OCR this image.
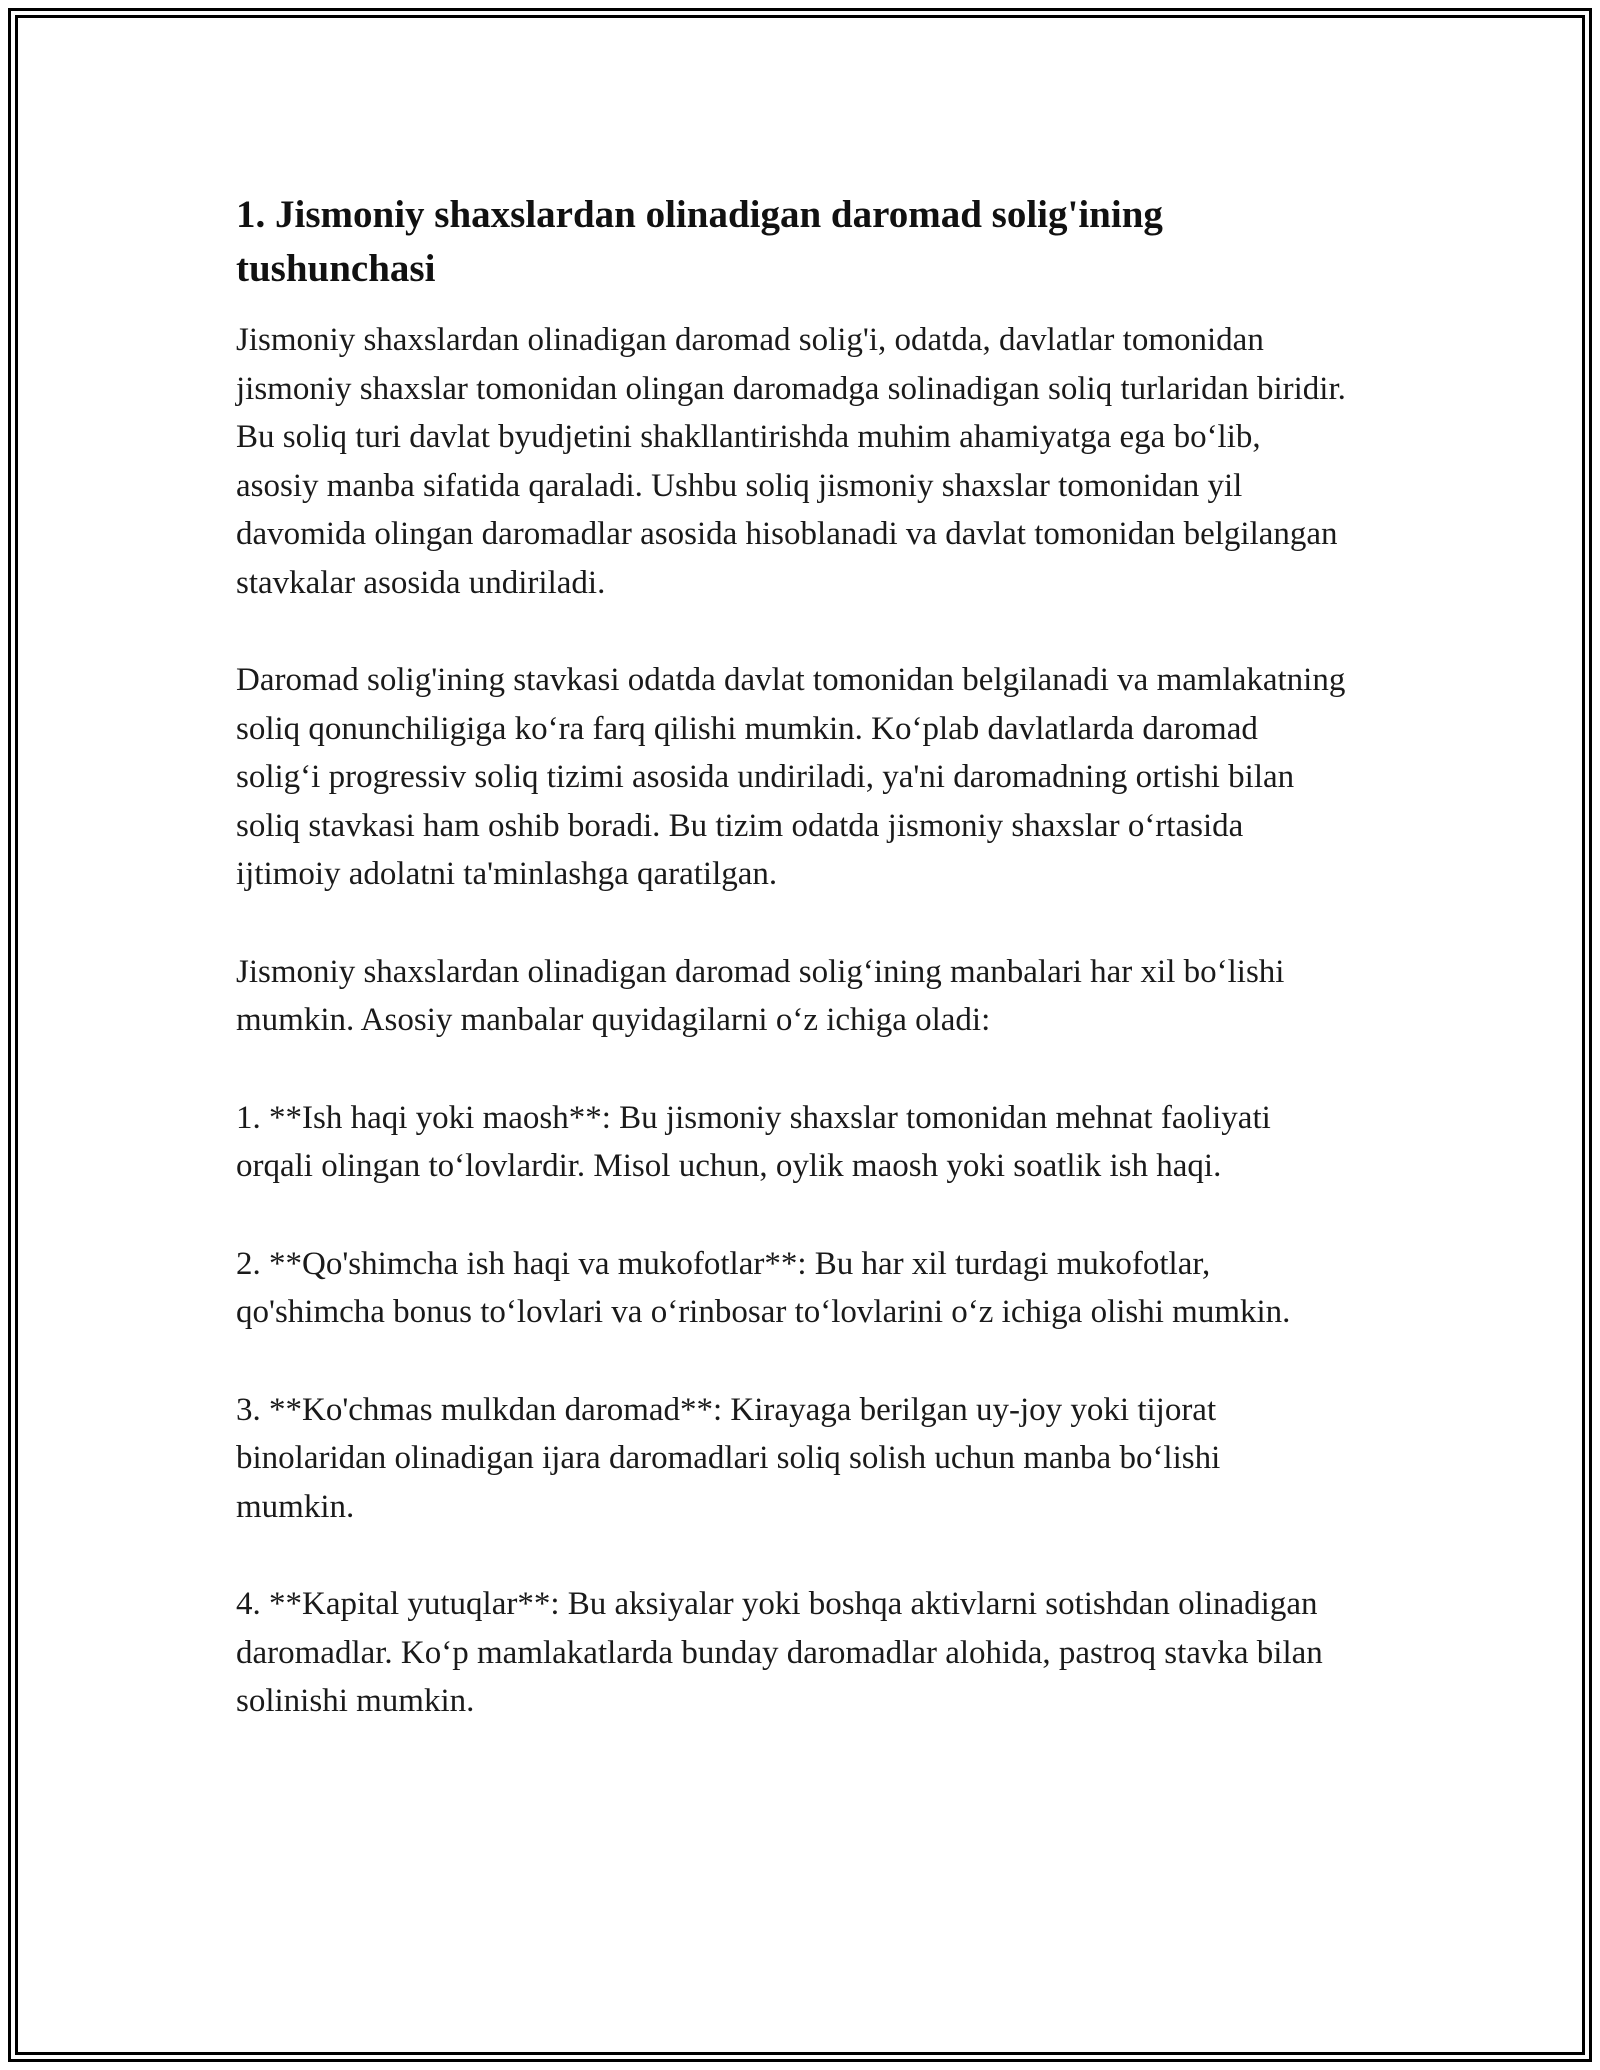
1. Jismoniy shaxslardan olinadigan daromad solig'ining tushunchasi

Jismoniy shaxslardan olinadigan daromad solig'i, odatda, davlatlar tomonidan jismoniy shaxslar tomonidan olingan daromadga solinadigan soliq turlaridan biridir. Bu soliq turi davlat byudjetini shakllantirishda muhim ahamiyatga ega bo‘lib, asosiy manba sifatida qaraladi. Ushbu soliq jismoniy shaxslar tomonidan yil davomida olingan daromadlar asosida hisoblanadi va davlat tomonidan belgilangan stavkalar asosida undiriladi.

Daromad solig'ining stavkasi odatda davlat tomonidan belgilanadi va mamlakatning soliq qonunchiligiga ko‘ra farq qilishi mumkin. Ko‘plab davlatlarda daromad solig‘i progressiv soliq tizimi asosida undiriladi, ya'ni daromadning ortishi bilan soliq stavkasi ham oshib boradi. Bu tizim odatda jismoniy shaxslar o‘rtasida ijtimoiy adolatni ta'minlashga qaratilgan.

Jismoniy shaxslardan olinadigan daromad solig‘ining manbalari har xil bo‘lishi mumkin. Asosiy manbalar quyidagilarni o‘z ichiga oladi:

1. **Ish haqi yoki maosh**: Bu jismoniy shaxslar tomonidan mehnat faoliyati orqali olingan to‘lovlardir. Misol uchun, oylik maosh yoki soatlik ish haqi.

2. **Qo'shimcha ish haqi va mukofotlar**: Bu har xil turdagi mukofotlar, qo'shimcha bonus to‘lovlari va o‘rinbosar to‘lovlarini o‘z ichiga olishi mumkin.

3. **Ko'chmas mulkdan daromad**: Kirayaga berilgan uy-joy yoki tijorat binolaridan olinadigan ijara daromadlari soliq solish uchun manba bo‘lishi mumkin.

4. **Kapital yutuqlar**: Bu aksiyalar yoki boshqa aktivlarni sotishdan olinadigan daromadlar. Ko‘p mamlakatlarda bunday daromadlar alohida, pastroq stavka bilan solinishi mumkin.
